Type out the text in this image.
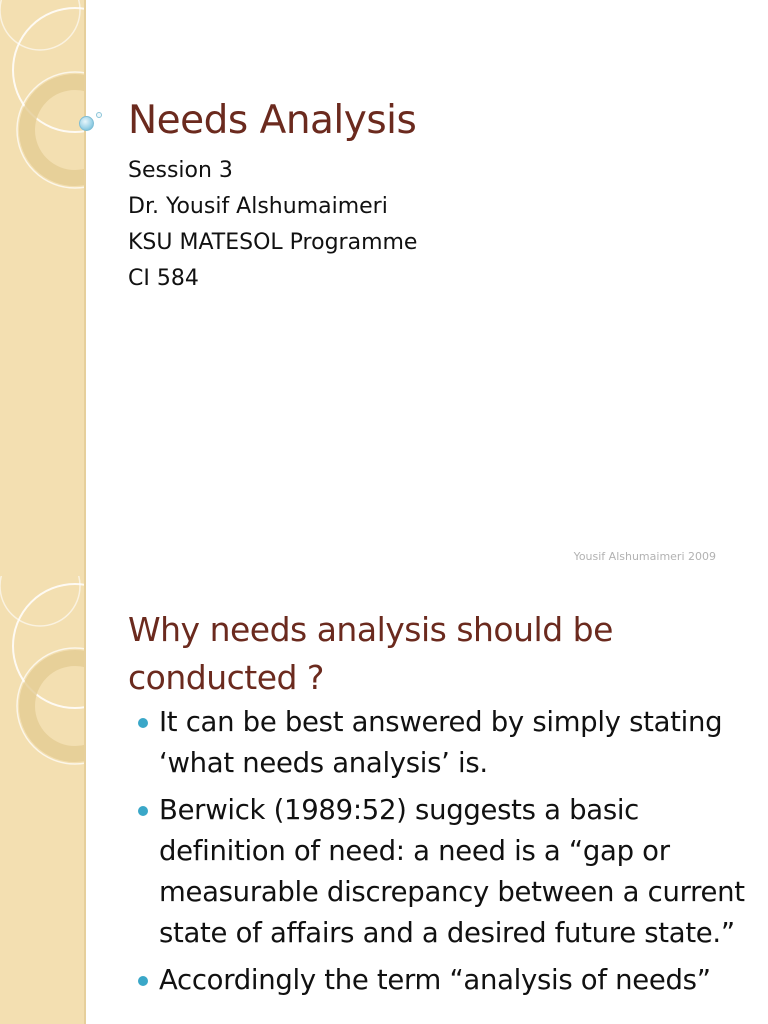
Needs Analysis
Session 3
Dr. Yousif Alshumaimeri
KSU MATESOL Programme
CI 584
Yousif Alshumaimeri 2009
Why needs analysis should be conducted ?
It can be best answered by simply stating ‘what needs analysis’ is.
Berwick (1989:52) suggests a basic definition of need: a need is a “gap or measurable discrepancy between a current state of affairs and a desired future state.”
Accordingly the term “analysis of needs”
